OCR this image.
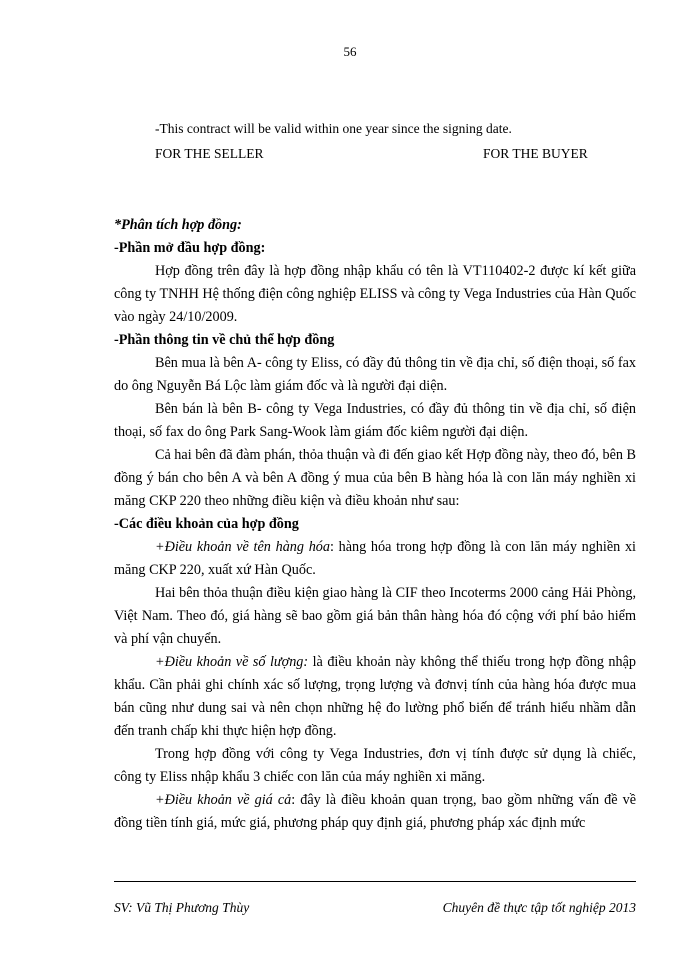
56
-This contract will be valid within one year since the signing date.
FOR THE SELLER	FOR THE BUYER

*Phân tích hợp đồng:

-Phần mở đầu hợp đồng:

Hợp đồng trên đây là hợp đồng nhập khẩu có tên là VT110402-2 được kí kết giữa công ty TNHH Hệ thống điện công nghiệp ELISS và công ty Vega Industries của Hàn Quốc vào ngày 24/10/2009.

-Phần thông tin về chủ thể hợp đồng

Bên mua là bên A- công ty Eliss, có đầy đủ thông tin về địa chỉ, số điện thoại, số fax do ông Nguyễn Bá Lộc làm giám đốc và là người đại diện.

Bên bán là bên B- công ty Vega Industries, có đầy đủ thông tin về địa chỉ, số điện thoại, số fax do ông Park Sang-Wook làm giám đốc kiêm người đại diện.

Cả hai bên đã đàm phán, thỏa thuận và đi đến giao kết Hợp đồng này, theo đó, bên B đồng ý bán cho bên A và bên A đồng ý mua của bên B hàng hóa là con lăn máy nghiền xi măng CKP 220 theo những điều kiện và điều khoản như sau:

-Các điều khoản của hợp đồng

+Điều khoản về tên hàng hóa: hàng hóa trong hợp đồng là con lăn máy nghiền xi măng CKP 220, xuất xứ Hàn Quốc.

Hai bên thỏa thuận điều kiện giao hàng là CIF theo Incoterms 2000 cảng Hải Phòng, Việt Nam. Theo đó, giá hàng sẽ bao gồm giá bản thân hàng hóa đó cộng với phí bảo hiểm và phí vận chuyển.

+Điều khoản về số lượng: là điều khoản này không thể thiếu trong hợp đồng nhập khẩu. Cần phải ghi chính xác số lượng, trọng lượng và đơnvị tính của hàng hóa được mua bán cũng như dung sai và nên chọn những hệ đo lường phổ biến để tránh hiểu nhầm dẫn đến tranh chấp khi thực hiện hợp đồng.

Trong hợp đồng với công ty Vega Industries, đơn vị tính được sử dụng là chiếc, công ty Eliss nhập khẩu 3 chiếc con lăn của máy nghiền xi măng.

+Điều khoản về giá cả: đây là điều khoản quan trọng, bao gồm những vấn đề về đồng tiền tính giá, mức giá, phương pháp quy định giá, phương pháp xác định mức

SV: Vũ Thị Phương Thùy	Chuyên đề thực tập tốt nghiệp 2013
